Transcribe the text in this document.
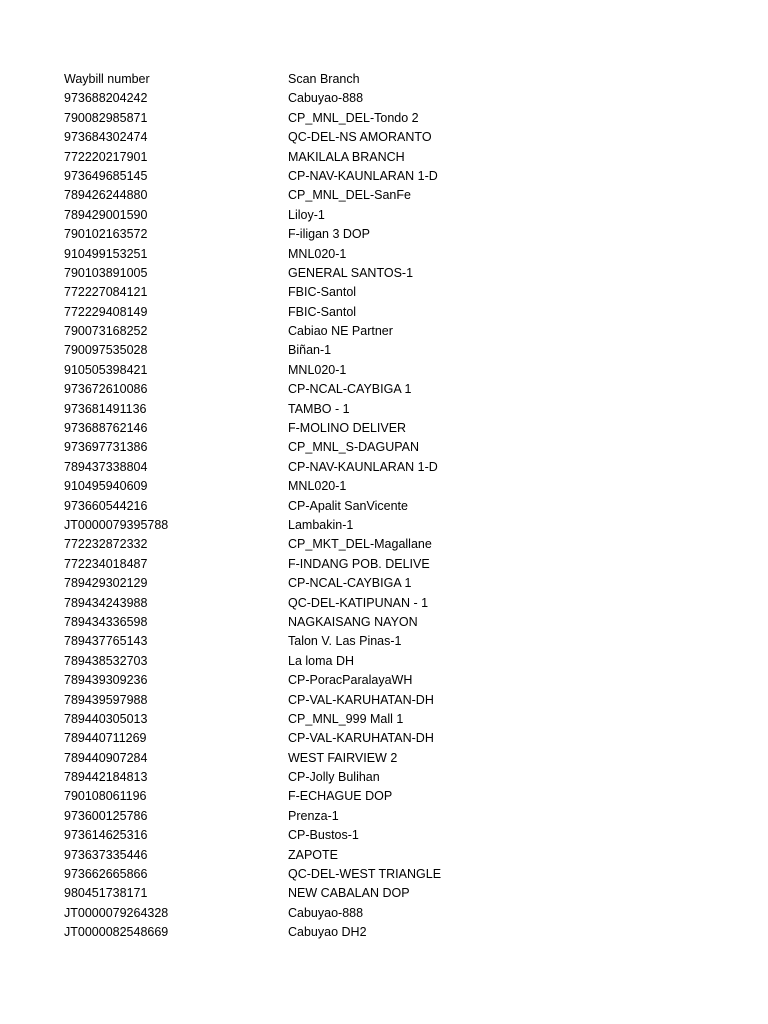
Waybill number	Scan Branch
973688204242	Cabuyao-888
790082985871	CP_MNL_DEL-Tondo 2
973684302474	QC-DEL-NS AMORANTO
772220217901	MAKILALA BRANCH
973649685145	CP-NAV-KAUNLARAN 1-D
789426244880	CP_MNL_DEL-SanFe
789429001590	Liloy-1
790102163572	F-iligan 3 DOP
910499153251	MNL020-1
790103891005	GENERAL SANTOS-1
772227084121	FBIC-Santol
772229408149	FBIC-Santol
790073168252	Cabiao NE Partner
790097535028	Biñan-1
910505398421	MNL020-1
973672610086	CP-NCAL-CAYBIGA 1
973681491136	TAMBO - 1
973688762146	F-MOLINO DELIVER
973697731386	CP_MNL_S-DAGUPAN
789437338804	CP-NAV-KAUNLARAN 1-D
910495940609	MNL020-1
973660544216	CP-Apalit SanVicente
JT0000079395788	Lambakin-1
772232872332	CP_MKT_DEL-Magallane
772234018487	F-INDANG POB. DELIVE
789429302129	CP-NCAL-CAYBIGA 1
789434243988	QC-DEL-KATIPUNAN - 1
789434336598	NAGKAISANG NAYON
789437765143	Talon V. Las Pinas-1
789438532703	La loma DH
789439309236	CP-PoracParalayaWH
789439597988	CP-VAL-KARUHATAN-DH
789440305013	CP_MNL_999 Mall 1
789440711269	CP-VAL-KARUHATAN-DH
789440907284	WEST FAIRVIEW 2
789442184813	CP-Jolly Bulihan
790108061196	F-ECHAGUE DOP
973600125786	Prenza-1
973614625316	CP-Bustos-1
973637335446	ZAPOTE
973662665866	QC-DEL-WEST TRIANGLE
980451738171	NEW CABALAN DOP
JT0000079264328	Cabuyao-888
JT0000082548669	Cabuyao DH2
